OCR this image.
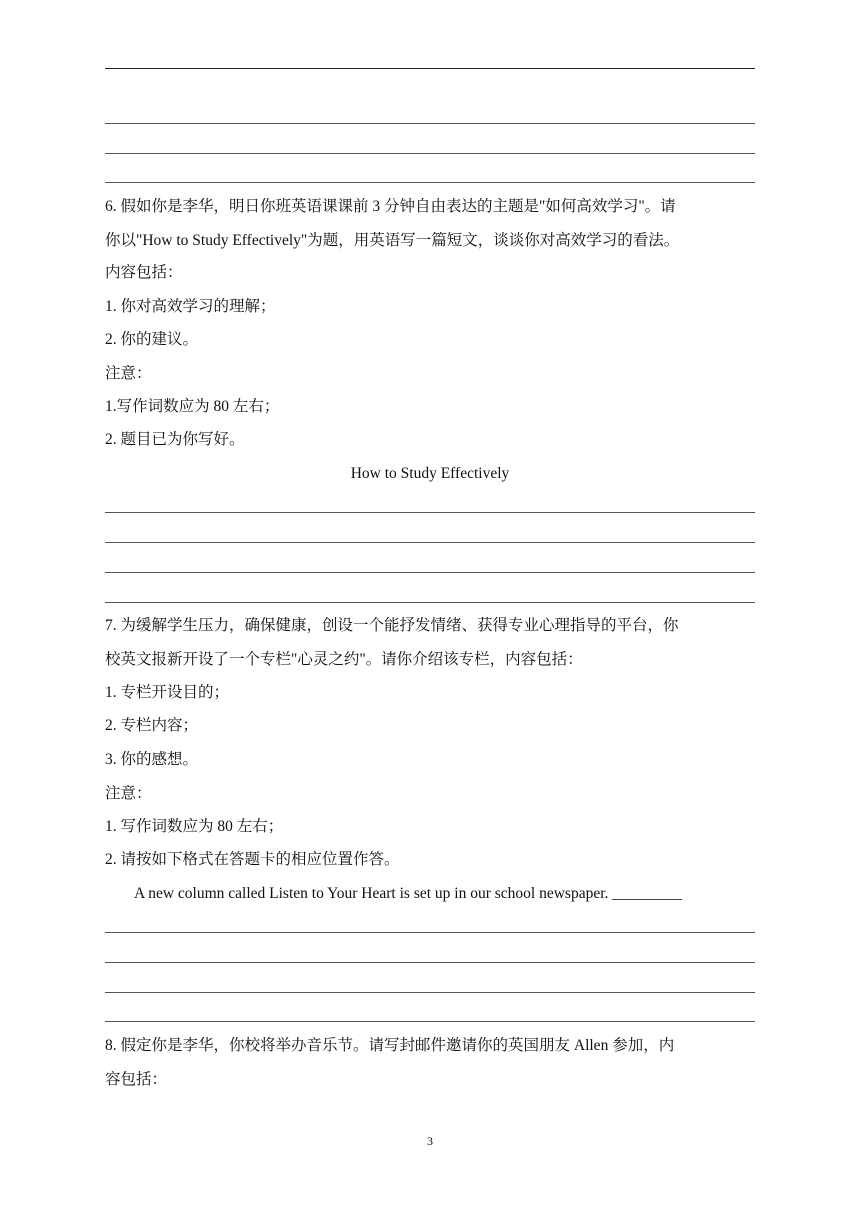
6. 假如你是李华，明日你班英语课课前 3 分钟自由表达的主题是"如何高效学习"。请
你以"How to Study Effectively"为题，用英语写一篇短文，谈谈你对高效学习的看法。
内容包括：
1. 你对高效学习的理解；
2. 你的建议。
注意：
1.写作词数应为 80 左右；
2. 题目已为你写好。
How to Study Effectively
7. 为缓解学生压力，确保健康，创设一个能抒发情绪、获得专业心理指导的平台，你
校英文报新开设了一个专栏"心灵之约"。请你介绍该专栏，内容包括：
1. 专栏开设目的；
2. 专栏内容；
3. 你的感想。
注意：
1. 写作词数应为 80 左右；
2. 请按如下格式在答题卡的相应位置作答。
A new column called Listen to Your Heart is set up in our school newspaper. _________
8. 假定你是李华，你校将举办音乐节。请写封邮件邀请你的英国朋友 Allen 参加，内
容包括：
3
